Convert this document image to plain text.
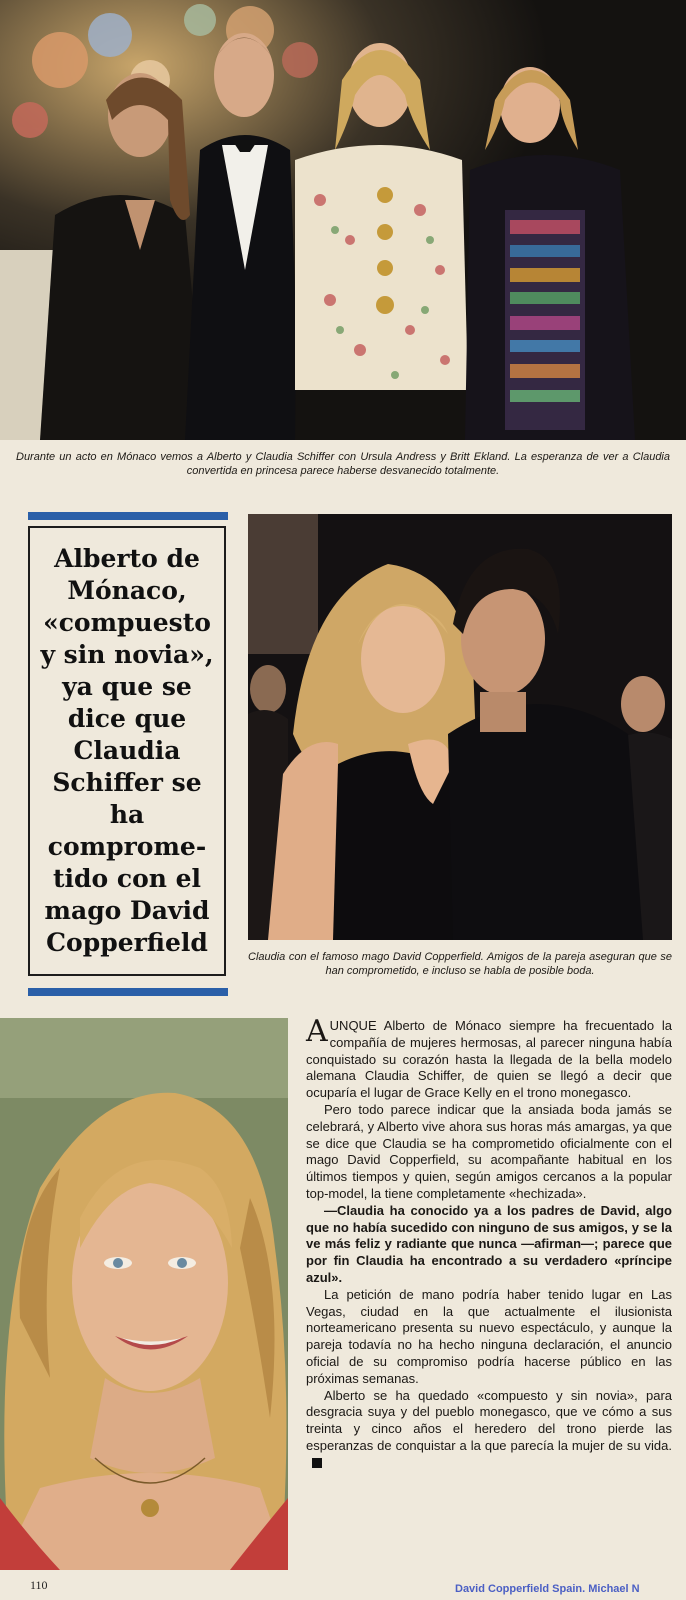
Durante un acto en Mónaco vemos a Alberto y Claudia Schiffer con Ursula Andress y Britt Ekland. La esperanza de ver a Claudia convertida en princesa parece haberse desvanecido totalmente.
Alberto de Mónaco, «compuesto y sin novia», ya que se dice que Claudia Schiffer se ha comprome-tido con el mago David Copperfield	Claudia con el famoso mago David Copperfield. Amigos de la pareja aseguran que se han comprometido, e incluso se habla de posible boda.

AUNQUE Alberto de Mónaco siempre ha frecuentado la compañía de mujeres hermosas, al parecer ninguna había conquistado su corazón hasta la llegada de la bella modelo alemana Claudia Schiffer, de quien se llegó a decir que ocuparía el lugar de Grace Kelly en el trono monegasco.

Pero todo parece indicar que la ansiada boda jamás se celebrará, y Alberto vive ahora sus horas más amargas, ya que se dice que Claudia se ha comprometido oficialmente con el mago David Copperfield, su acompañante habitual en los últimos tiempos y quien, según amigos cercanos a la popular top-model, la tiene completamente «hechizada».

—Claudia ha conocido ya a los padres de David, algo que no había sucedido con ninguno de sus amigos, y se la ve más feliz y radiante que nunca —afirman—; parece que por fin Claudia ha encontrado a su verdadero «príncipe azul».

La petición de mano podría haber tenido lugar en Las Vegas, ciudad en la que actualmente el ilusionista norteamericano presenta su nuevo espectáculo, y aunque la pareja todavía no ha hecho ninguna declaración, el anuncio oficial de su compromiso podría hacerse público en las próximas semanas.

Alberto se ha quedado «compuesto y sin novia», para desgracia suya y del pueblo monegasco, que ve cómo a sus treinta y cinco años el heredero del trono pierde las esperanzas de conquistar a la que parecía la mujer de su vida.

110	David Copperfield Spain. Michael N
